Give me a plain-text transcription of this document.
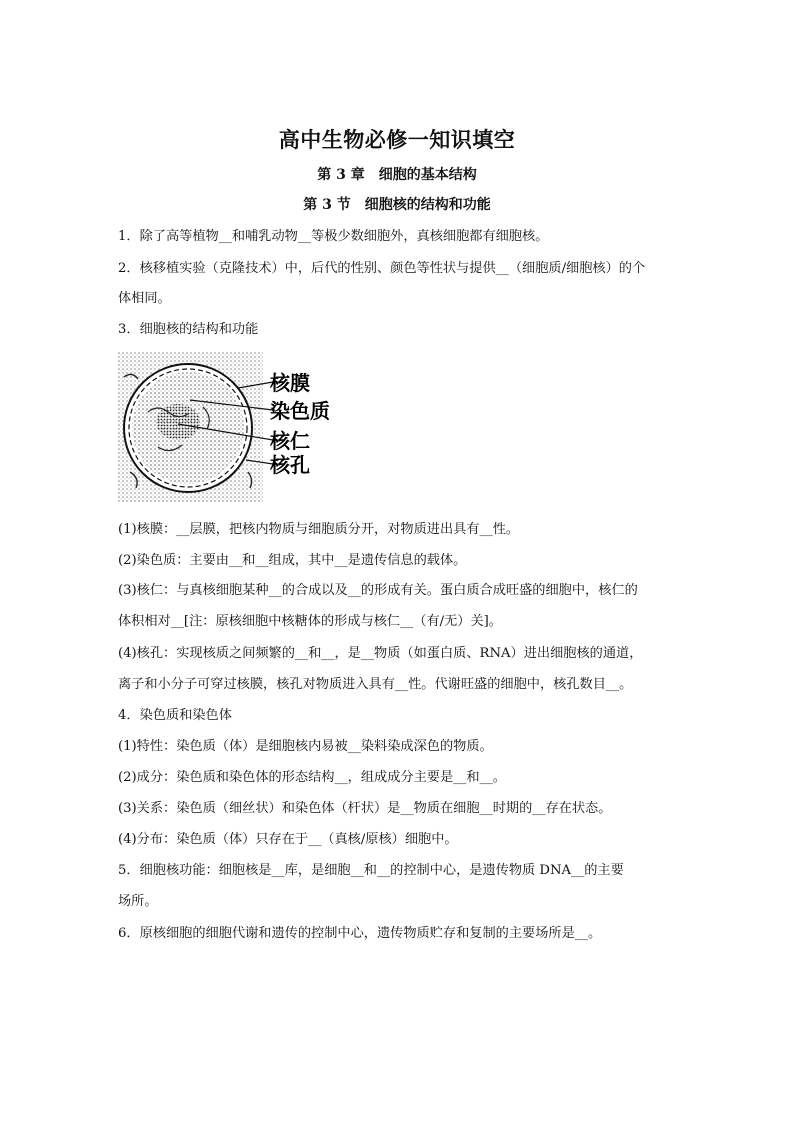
高中生物必修一知识填空
第 3 章　细胞的基本结构
第 3 节　细胞核的结构和功能
1．除了高等植物__和哺乳动物__等极少数细胞外，真核细胞都有细胞核。
2．核移植实验（克隆技术）中，后代的性别、颜色等性状与提供__（细胞质/细胞核）的个
体相同。
3．细胞核的结构和功能
核膜
染色质
核仁
核孔
(1)核膜：__层膜，把核内物质与细胞质分开，对物质进出具有__性。
(2)染色质：主要由__和__组成，其中__是遗传信息的载体。
(3)核仁：与真核细胞某种__的合成以及__的形成有关。蛋白质合成旺盛的细胞中，核仁的
体积相对__[注：原核细胞中核糖体的形成与核仁__（有/无）关]。
(4)核孔：实现核质之间频繁的__和__，是__物质（如蛋白质、RNA）进出细胞核的通道，
离子和小分子可穿过核膜，核孔对物质进入具有__性。代谢旺盛的细胞中，核孔数目__。
4．染色质和染色体
(1)特性：染色质（体）是细胞核内易被__染料染成深色的物质。
(2)成分：染色质和染色体的形态结构__，组成成分主要是__和__。
(3)关系：染色质（细丝状）和染色体（杆状）是__物质在细胞__时期的__存在状态。
(4)分布：染色质（体）只存在于__（真核/原核）细胞中。
5．细胞核功能：细胞核是__库，是细胞__和__的控制中心，是遗传物质 DNA__的主要
场所。
6．原核细胞的细胞代谢和遗传的控制中心，遗传物质贮存和复制的主要场所是__。
